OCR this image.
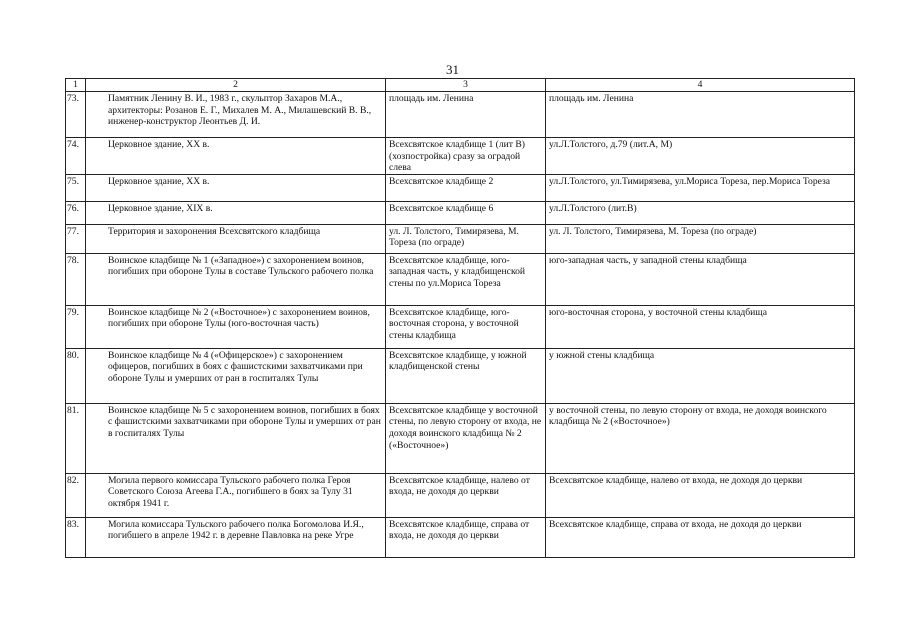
31
1	2	3	4
73.	Памятник Ленину В. И., 1983 г., скульптор Захаров М.А., архитекторы: Розанов Е. Г., Михалев М. А., Милашевский В. В., инженер-конструктор Леонтьев Д. И.	площадь им. Ленина	площадь им. Ленина
74.	Церковное здание, XX в.	Всехсвятское кладбище 1 (лит В) (хозпостройка) сразу за оградой слева	ул.Л.Толстого, д.79 (лит.А, М)
75.	Церковное здание, XX в.	Всехсвятское кладбище 2	ул.Л.Толстого, ул.Тимирязева, ул.Мориса Тореза, пер.Мориса Тореза
76.	Церковное здание, XIX в.	Всехсвятское кладбище 6	ул.Л.Толстого (лит.В)
77.	Территория и захоронения Всехсвятского кладбища	ул. Л. Толстого, Тимирязева, М. Тореза (по ограде)	ул. Л. Толстого, Тимирязева, М. Тореза (по ограде)
78.	Воинское кладбище № 1 («Западное») с захоронением воинов, погибших при обороне Тулы в составе Тульского рабочего полка	Всехсвятское кладбище, юго-западная часть, у кладбищенской стены по ул.Мориса Тореза	юго-западная часть, у западной стены кладбища
79.	Воинское кладбище № 2 («Восточное») с захоронением воинов, погибших при обороне Тулы (юго-восточная часть)	Всехсвятское кладбище, юго-восточная сторона, у восточной стены кладбища	юго-восточная сторона, у восточной стены кладбища
80.	Воинское кладбище № 4 («Офицерское») с захоронением офицеров, погибших в боях с фашистскими захватчиками при обороне Тулы и умерших от ран в госпиталях Тулы	Всехсвятское кладбище, у южной кладбищенской стены	у южной стены кладбища
81.	Воинское кладбище № 5 с захоронением воинов, погибших в боях с фашистскими захватчиками при обороне Тулы и умерших от ран в госпиталях Тулы	Всехсвятское кладбище у восточной стены, по левую сторону от входа, не доходя воинского кладбища № 2 («Восточное»)	у восточной стены, по левую сторону от входа, не доходя воинского кладбища № 2 («Восточное»)
82.	Могила первого комиссара Тульского рабочего полка Героя Советского Союза Агеева Г.А., погибшего в боях за Тулу 31 октября 1941 г.	Всехсвятское кладбище, налево от входа, не доходя до церкви	Всехсвятское кладбище, налево от входа, не доходя до церкви
83.	Могила комиссара Тульского рабочего полка Богомолова И.Я., погибшего в апреле 1942 г. в деревне Павловка на реке Угре	Всехсвятское кладбище, справа от входа, не доходя до церкви	Всехсвятское кладбище, справа от входа, не доходя до церкви
